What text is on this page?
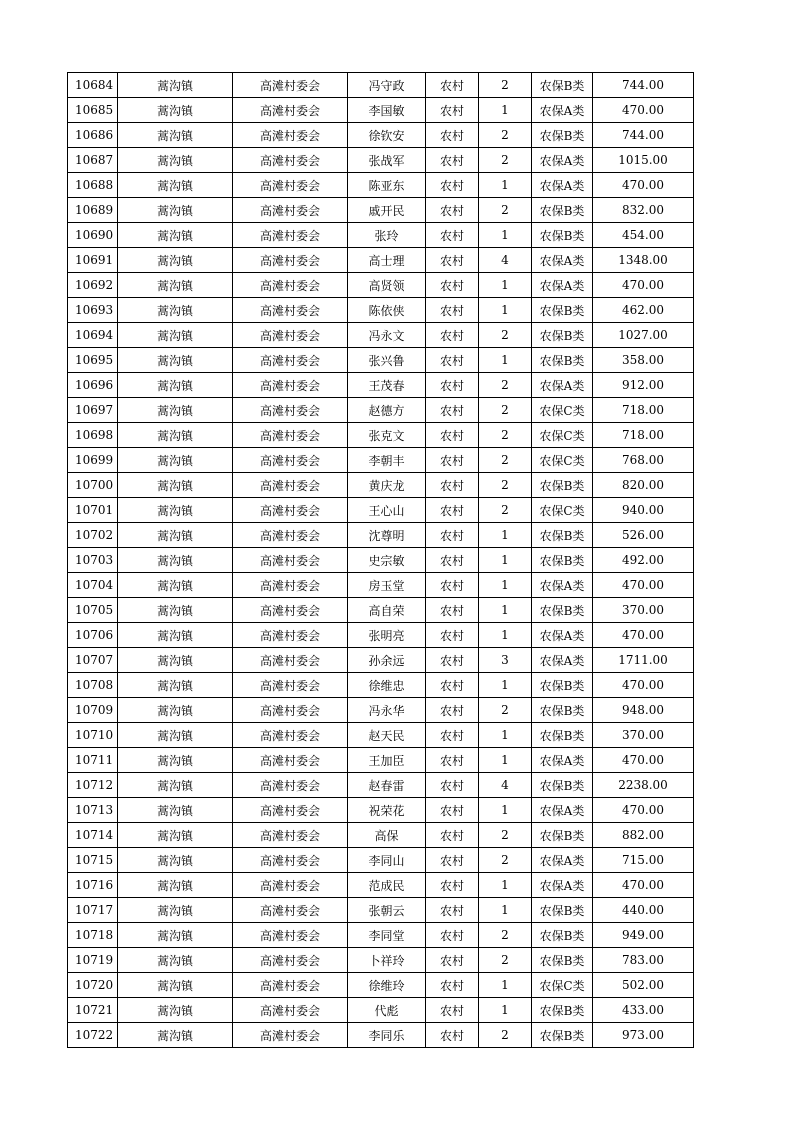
10684	蒿沟镇	高滩村委会	冯守政	农村	2	农保B类	744.00
10685	蒿沟镇	高滩村委会	李国敏	农村	1	农保A类	470.00
10686	蒿沟镇	高滩村委会	徐钦安	农村	2	农保B类	744.00
10687	蒿沟镇	高滩村委会	张战军	农村	2	农保A类	1015.00
10688	蒿沟镇	高滩村委会	陈亚东	农村	1	农保A类	470.00
10689	蒿沟镇	高滩村委会	戚开民	农村	2	农保B类	832.00
10690	蒿沟镇	高滩村委会	张玲	农村	1	农保B类	454.00
10691	蒿沟镇	高滩村委会	高士理	农村	4	农保A类	1348.00
10692	蒿沟镇	高滩村委会	高贤领	农村	1	农保A类	470.00
10693	蒿沟镇	高滩村委会	陈依侠	农村	1	农保B类	462.00
10694	蒿沟镇	高滩村委会	冯永文	农村	2	农保B类	1027.00
10695	蒿沟镇	高滩村委会	张兴鲁	农村	1	农保B类	358.00
10696	蒿沟镇	高滩村委会	王茂春	农村	2	农保A类	912.00
10697	蒿沟镇	高滩村委会	赵德方	农村	2	农保C类	718.00
10698	蒿沟镇	高滩村委会	张克文	农村	2	农保C类	718.00
10699	蒿沟镇	高滩村委会	李朝丰	农村	2	农保C类	768.00
10700	蒿沟镇	高滩村委会	黄庆龙	农村	2	农保B类	820.00
10701	蒿沟镇	高滩村委会	王心山	农村	2	农保C类	940.00
10702	蒿沟镇	高滩村委会	沈尊明	农村	1	农保B类	526.00
10703	蒿沟镇	高滩村委会	史宗敏	农村	1	农保B类	492.00
10704	蒿沟镇	高滩村委会	房玉堂	农村	1	农保A类	470.00
10705	蒿沟镇	高滩村委会	高自荣	农村	1	农保B类	370.00
10706	蒿沟镇	高滩村委会	张明亮	农村	1	农保A类	470.00
10707	蒿沟镇	高滩村委会	孙余远	农村	3	农保A类	1711.00
10708	蒿沟镇	高滩村委会	徐维忠	农村	1	农保B类	470.00
10709	蒿沟镇	高滩村委会	冯永华	农村	2	农保B类	948.00
10710	蒿沟镇	高滩村委会	赵天民	农村	1	农保B类	370.00
10711	蒿沟镇	高滩村委会	王加臣	农村	1	农保A类	470.00
10712	蒿沟镇	高滩村委会	赵春雷	农村	4	农保B类	2238.00
10713	蒿沟镇	高滩村委会	祝荣花	农村	1	农保A类	470.00
10714	蒿沟镇	高滩村委会	高保	农村	2	农保B类	882.00
10715	蒿沟镇	高滩村委会	李同山	农村	2	农保A类	715.00
10716	蒿沟镇	高滩村委会	范成民	农村	1	农保A类	470.00
10717	蒿沟镇	高滩村委会	张朝云	农村	1	农保B类	440.00
10718	蒿沟镇	高滩村委会	李同堂	农村	2	农保B类	949.00
10719	蒿沟镇	高滩村委会	卜祥玲	农村	2	农保B类	783.00
10720	蒿沟镇	高滩村委会	徐维玲	农村	1	农保C类	502.00
10721	蒿沟镇	高滩村委会	代彪	农村	1	农保B类	433.00
10722	蒿沟镇	高滩村委会	李同乐	农村	2	农保B类	973.00
